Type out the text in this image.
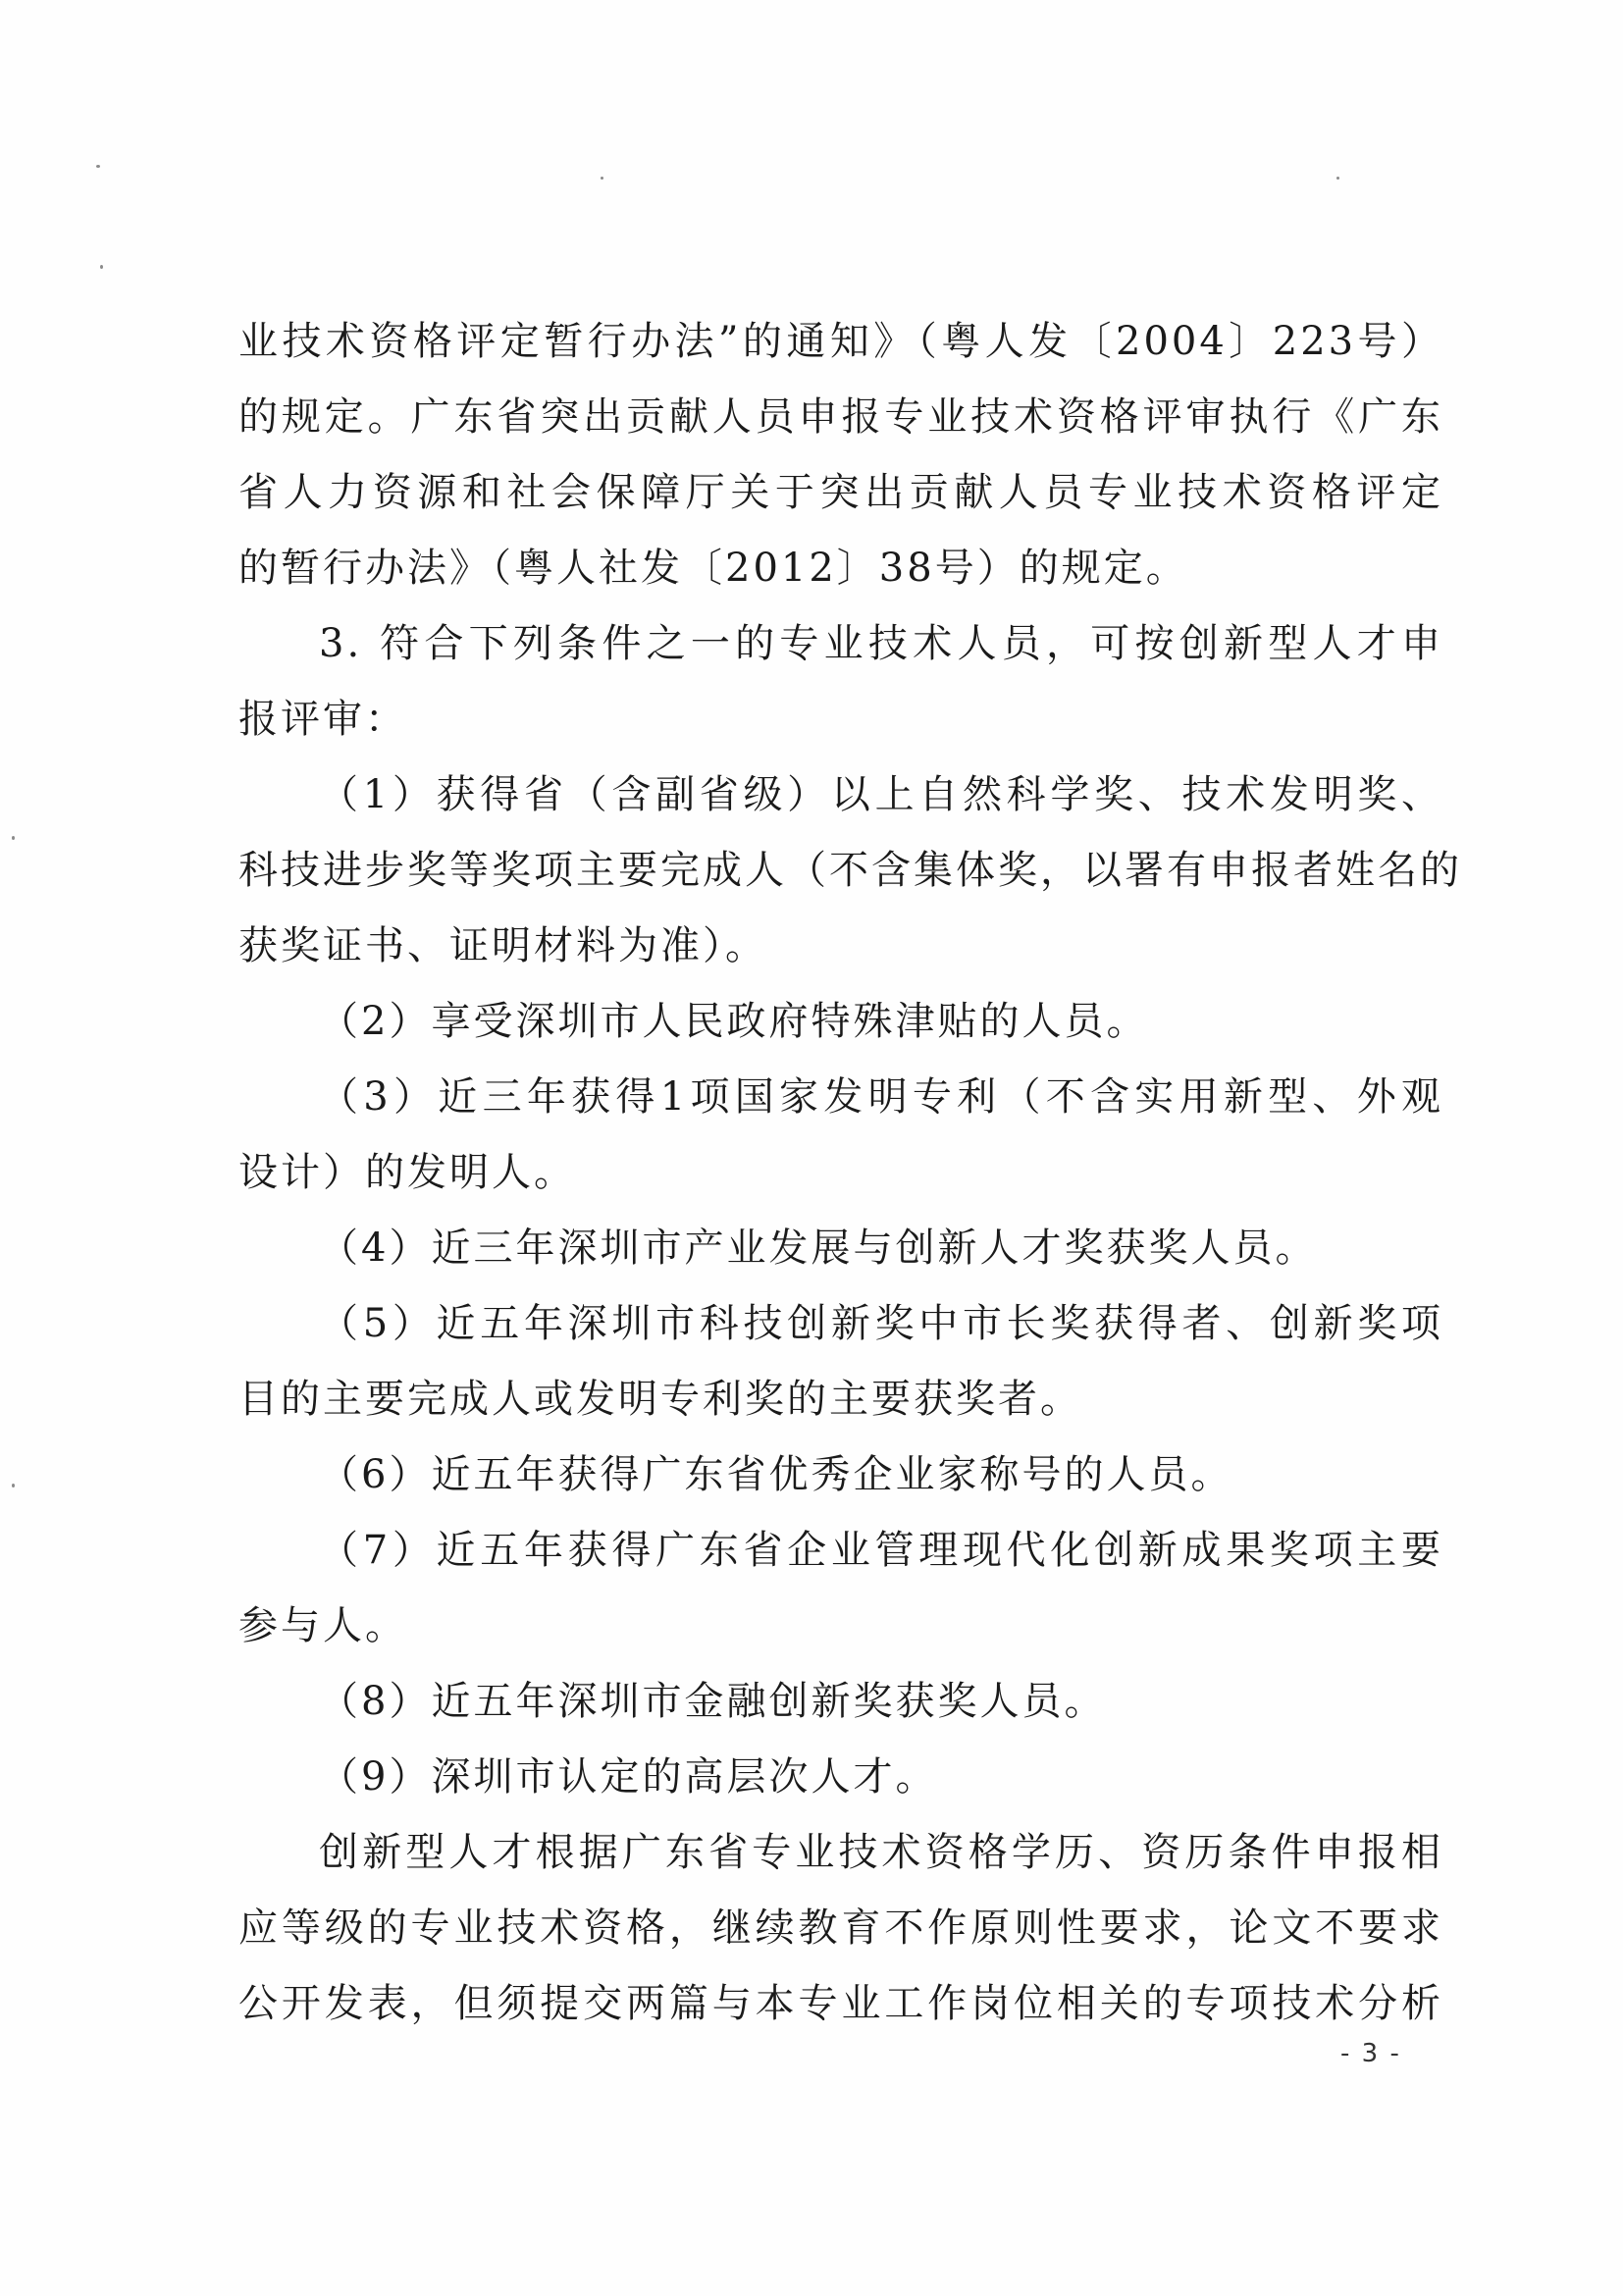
业技术资格评定暂行办法”的通知》（粤人发〔2004〕223号）
的规定。广东省突出贡献人员申报专业技术资格评审执行《广东
省人力资源和社会保障厅关于突出贡献人员专业技术资格评定
的暂行办法》（粤人社发〔2012〕38号）的规定。
3. 符合下列条件之一的专业技术人员，可按创新型人才申
报评审：
（1）获得省（含副省级）以上自然科学奖、技术发明奖、
科技进步奖等奖项主要完成人（不含集体奖，以署有申报者姓名的
获奖证书、证明材料为准）。
（2）享受深圳市人民政府特殊津贴的人员。
（3）近三年获得1项国家发明专利（不含实用新型、外观
设计）的发明人。
（4）近三年深圳市产业发展与创新人才奖获奖人员。
（5）近五年深圳市科技创新奖中市长奖获得者、创新奖项
目的主要完成人或发明专利奖的主要获奖者。
（6）近五年获得广东省优秀企业家称号的人员。
（7）近五年获得广东省企业管理现代化创新成果奖项主要
参与人。
（8）近五年深圳市金融创新奖获奖人员。
（9）深圳市认定的高层次人才。
创新型人才根据广东省专业技术资格学历、资历条件申报相
应等级的专业技术资格，继续教育不作原则性要求，论文不要求
公开发表，但须提交两篇与本专业工作岗位相关的专项技术分析
- 3 -
